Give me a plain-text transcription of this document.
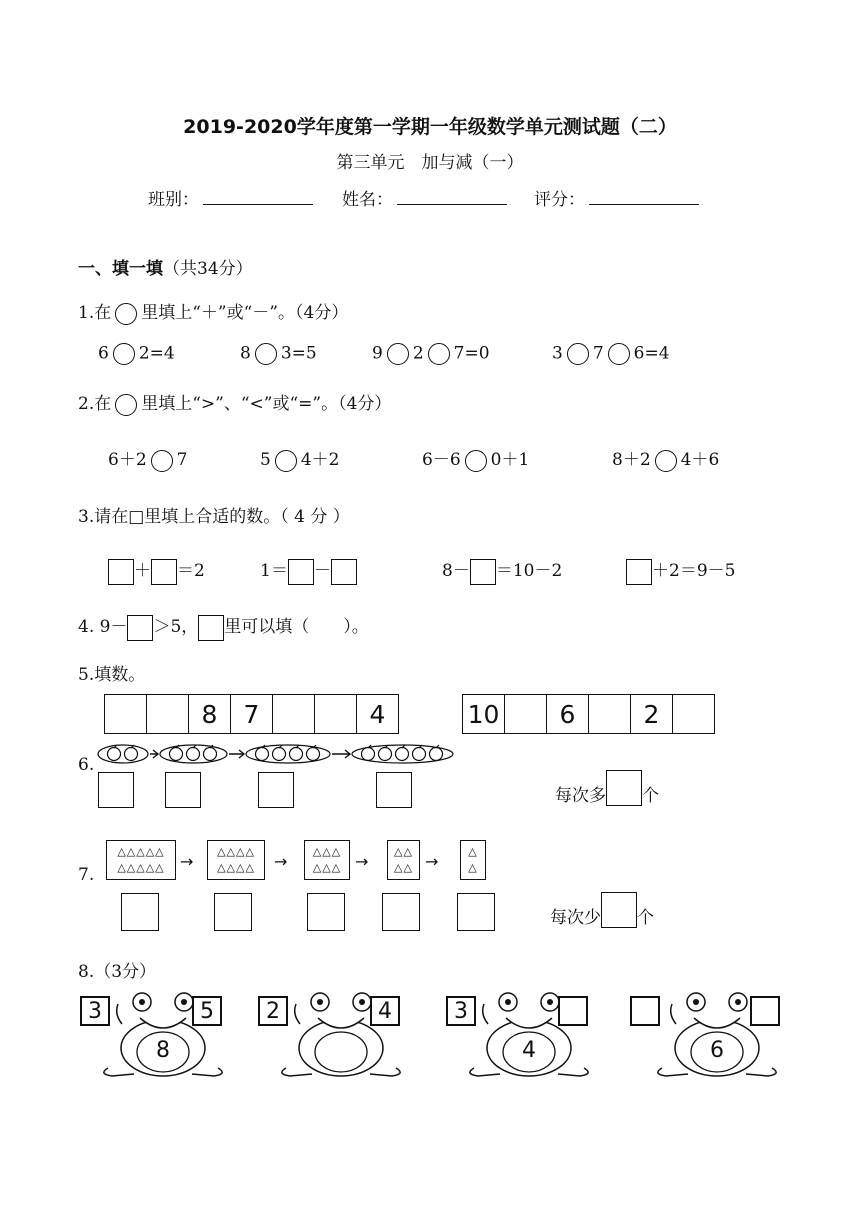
2019-2020学年度第一学期一年级数学单元测试题（二）
第三单元　加与减（一）
班别：	姓名：	评分：
一、填一填（共34分）
1.在 里填上“＋”或“－”。（4分）
6 2=4	8 3=5	9 2 7=0	3 7 6=4
2.在 里填上“>”、“<”或“=”。（4分）
6＋2 7	5 4＋2	6－6 0＋1	8＋2 4＋6
3.请在□里填上合适的数。（ 4 分 ）
＋ ＝2	1＝ －	8－ ＝10－2	＋2＝9－5
4. 9－ ＞5， 里可以填（　　）。
5.填数。
8	7	4	10	6	2
6.
每次多 个
7.
△△△△△
△△△△△ →
△△△△
△△△△	→
△△△
△△△ →
△△
△△ →
△
△
每次少 个
8.（3分）
3	5
8
2	4	3
4	6
